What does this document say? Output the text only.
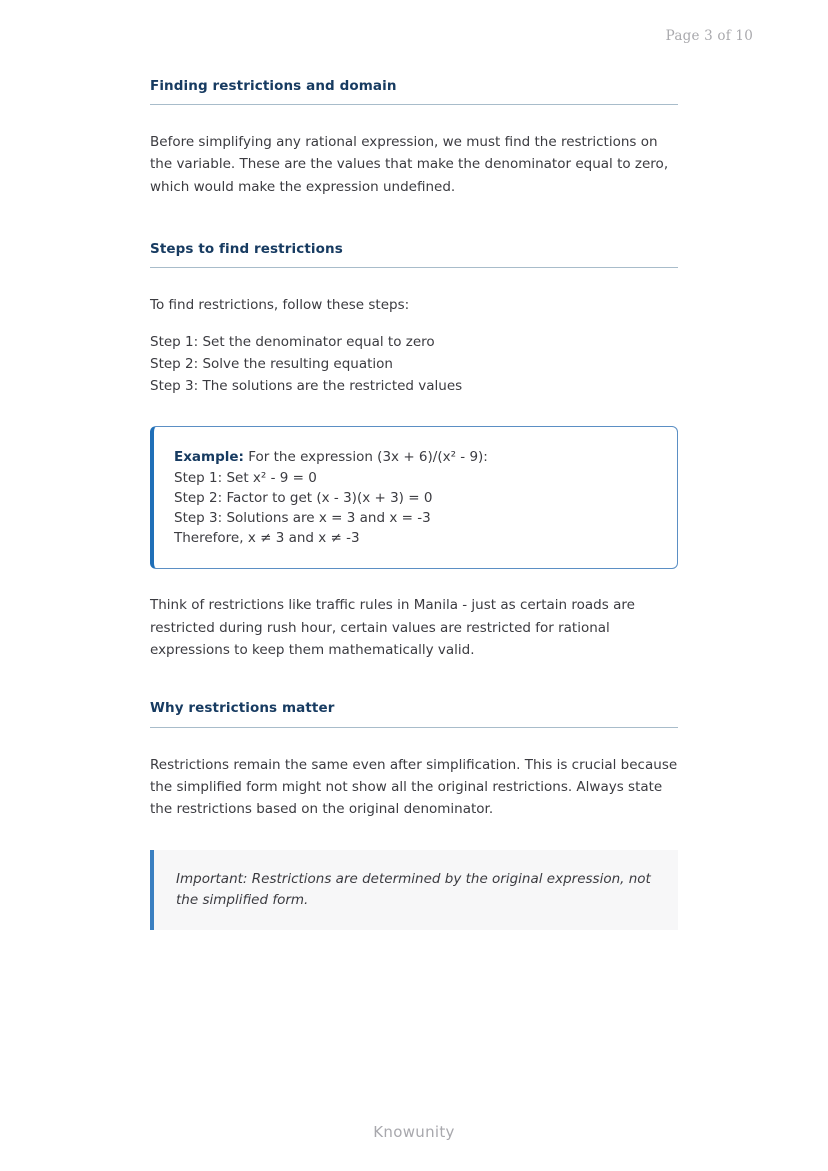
Page 3 of 10
Finding restrictions and domain

Before simplifying any rational expression, we must find the restrictions on the variable. These are the values that make the denominator equal to zero, which would make the expression undefined.

Steps to find restrictions

To find restrictions, follow these steps:

Step 1: Set the denominator equal to zero
Step 2: Solve the resulting equation
Step 3: The solutions are the restricted values
Example: For the expression (3x + 6)/(x² - 9):
Step 1: Set x² - 9 = 0
Step 2: Factor to get (x - 3)(x + 3) = 0
Step 3: Solutions are x = 3 and x = -3
Therefore, x ≠ 3 and x ≠ -3

Think of restrictions like traffic rules in Manila - just as certain roads are restricted during rush hour, certain values are restricted for rational expressions to keep them mathematically valid.

Why restrictions matter

Restrictions remain the same even after simplification. This is crucial because the simplified form might not show all the original restrictions. Always state the restrictions based on the original denominator.

Important: Restrictions are determined by the original expression, not the simplified form.

Knowunity
